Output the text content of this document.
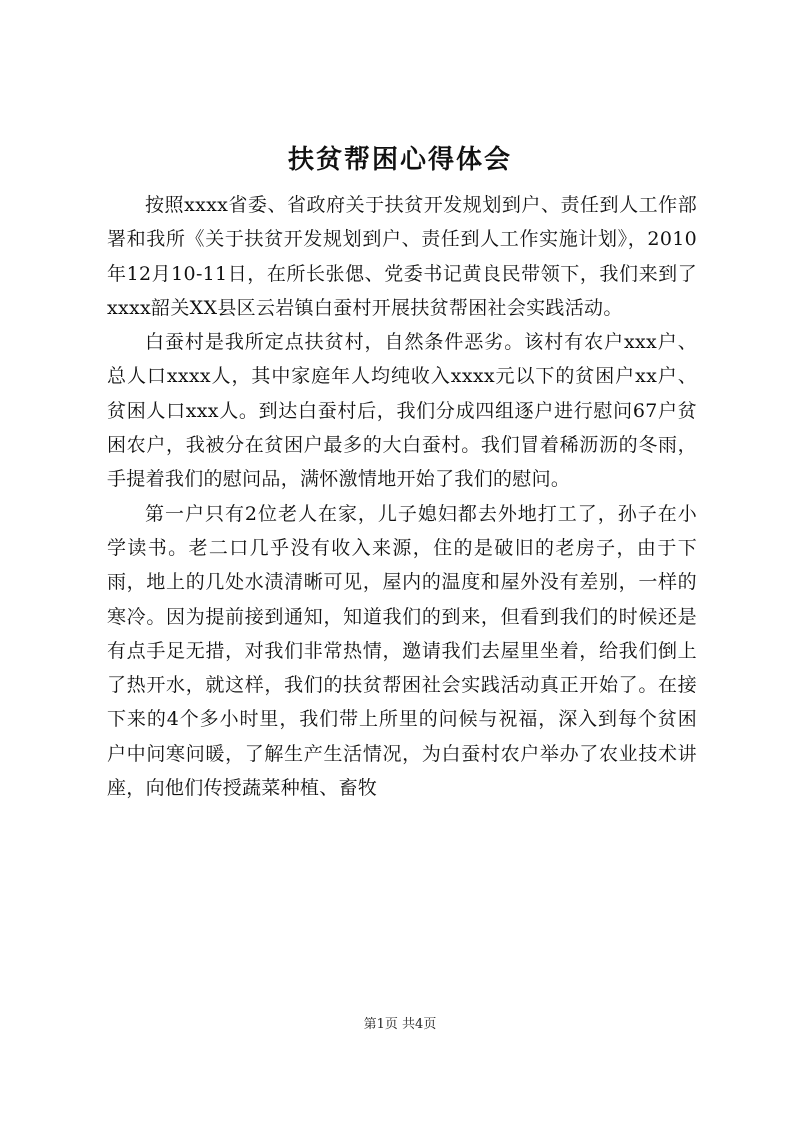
扶贫帮困心得体会

按照xxxx省委、省政府关于扶贫开发规划到户、责任到人工作部署和我所《关于扶贫开发规划到户、责任到人工作实施计划》，2010年12月10-11日，在所长张偲、党委书记黄良民带领下，我们来到了xxxx韶关XX县区云岩镇白蚕村开展扶贫帮困社会实践活动。

白蚕村是我所定点扶贫村，自然条件恶劣。该村有农户xxx户、总人口xxxx人，其中家庭年人均纯收入xxxx元以下的贫困户xx户、贫困人口xxx人。到达白蚕村后，我们分成四组逐户进行慰问67户贫困农户，我被分在贫困户最多的大白蚕村。我们冒着稀沥沥的冬雨，手提着我们的慰问品，满怀激情地开始了我们的慰问。

第一户只有2位老人在家，儿子媳妇都去外地打工了，孙子在小学读书。老二口几乎没有收入来源，住的是破旧的老房子，由于下雨，地上的几处水渍清晰可见，屋内的温度和屋外没有差别，一样的寒冷。因为提前接到通知，知道我们的到来，但看到我们的时候还是有点手足无措，对我们非常热情，邀请我们去屋里坐着，给我们倒上了热开水，就这样，我们的扶贫帮困社会实践活动真正开始了。在接下来的4个多小时里，我们带上所里的问候与祝福，深入到每个贫困户中问寒问暖，了解生产生活情况，为白蚕村农户举办了农业技术讲座，向他们传授蔬菜种植、畜牧

第1页 共4页
